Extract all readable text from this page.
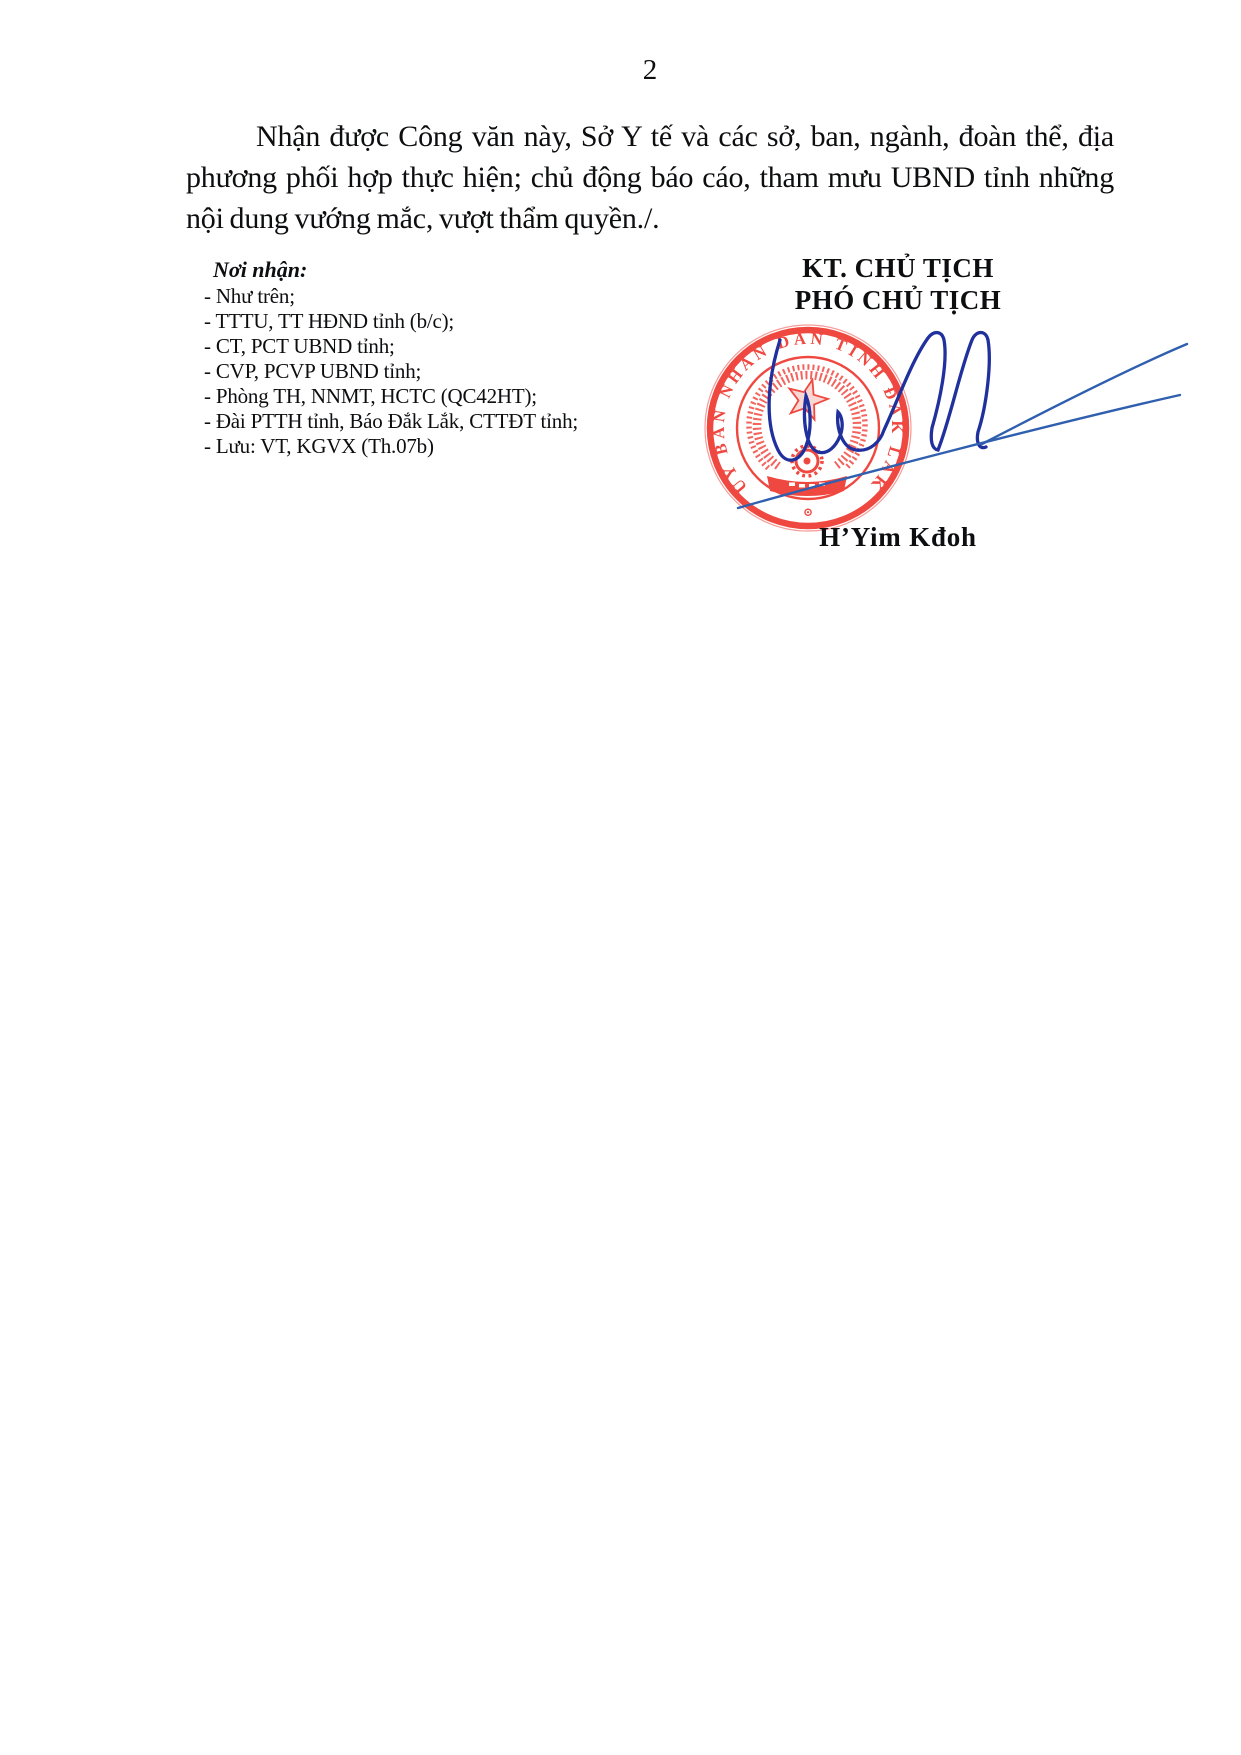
2
Nhận được Công văn này, Sở Y tế và các sở, ban, ngành, đoàn thể, địa
phương phối hợp thực hiện; chủ động báo cáo, tham mưu UBND tỉnh những
nội dung vướng mắc, vượt thẩm quyền./.
Nơi nhận:
- Như trên;
- TTTU, TT HĐND tỉnh (b/c);
- CT, PCT UBND tỉnh;
- CVP, PCVP UBND tỉnh;
- Phòng TH, NNMT, HCTC (QC42HT);
- Đài PTTH tỉnh, Báo Đắk Lắk, CTTĐT tỉnh;
- Lưu: VT, KGVX (Th.07b)
KT. CHỦ TỊCH
PHÓ CHỦ TỊCH
ỦY BAN NHÂN DÂN TỈNH ĐẮK LẮK
⊙
H’Yim Kđoh
